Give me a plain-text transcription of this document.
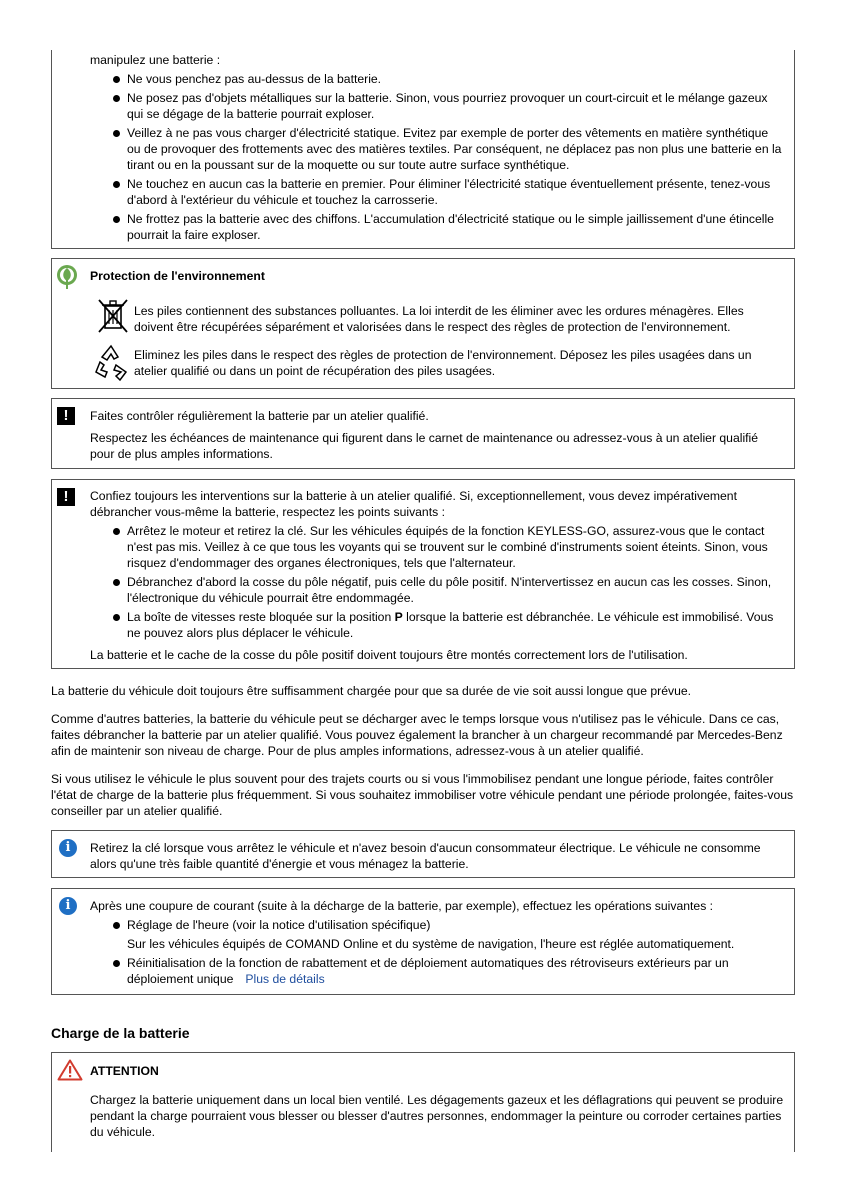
manipulez une batterie :

Ne vous penchez pas au-dessus de la batterie.

Ne posez pas d'objets métalliques sur la batterie. Sinon, vous pourriez provoquer un court-circuit et le mélange gazeux qui se dégage de la batterie pourrait exploser.

Veillez à ne pas vous charger d'électricité statique. Evitez par exemple de porter des vêtements en matière synthétique ou de provoquer des frottements avec des matières textiles. Par conséquent, ne déplacez pas non plus une batterie en la tirant ou en la poussant sur de la moquette ou sur toute autre surface synthétique.

Ne touchez en aucun cas la batterie en premier. Pour éliminer l'électricité statique éventuellement présente, tenez-vous d'abord à l'extérieur du véhicule et touchez la carrosserie.

Ne frottez pas la batterie avec des chiffons. L'accumulation d'électricité statique ou le simple jaillissement d'une étincelle pourrait la faire exploser.

Protection de l'environnement

Les piles contiennent des substances polluantes. La loi interdit de les éliminer avec les ordures ménagères. Elles doivent être récupérées séparément et valorisées dans le respect des règles de protection de l'environnement.

Eliminez les piles dans le respect des règles de protection de l'environnement. Déposez les piles usagées dans un atelier qualifié ou dans un point de récupération des piles usagées.

!	Faites contrôler régulièrement la batterie par un atelier qualifié.

Respectez les échéances de maintenance qui figurent dans le carnet de maintenance ou adressez-vous à un atelier qualifié pour de plus amples informations.

!	Confiez toujours les interventions sur la batterie à un atelier qualifié. Si, exceptionnellement, vous devez impérativement débrancher vous-même la batterie, respectez les points suivants :

Arrêtez le moteur et retirez la clé. Sur les véhicules équipés de la fonction KEYLESS-GO, assurez-vous que le contact n'est pas mis. Veillez à ce que tous les voyants qui se trouvent sur le combiné d'instruments soient éteints. Sinon, vous risquez d'endommager des organes électroniques, tels que l'alternateur.

Débranchez d'abord la cosse du pôle négatif, puis celle du pôle positif. N'intervertissez en aucun cas les cosses. Sinon, l'électronique du véhicule pourrait être endommagée.

La boîte de vitesses reste bloquée sur la position P lorsque la batterie est débranchée. Le véhicule est immobilisé. Vous ne pouvez alors plus déplacer le véhicule.

La batterie et le cache de la cosse du pôle positif doivent toujours être montés correctement lors de l'utilisation.

La batterie du véhicule doit toujours être suffisamment chargée pour que sa durée de vie soit aussi longue que prévue.

Comme d'autres batteries, la batterie du véhicule peut se décharger avec le temps lorsque vous n'utilisez pas le véhicule. Dans ce cas, faites débrancher la batterie par un atelier qualifié. Vous pouvez également la brancher à un chargeur recommandé par Mercedes-Benz afin de maintenir son niveau de charge. Pour de plus amples informations, adressez-vous à un atelier qualifié.

Si vous utilisez le véhicule le plus souvent pour des trajets courts ou si vous l'immobilisez pendant une longue période, faites contrôler l'état de charge de la batterie plus fréquemment. Si vous souhaitez immobiliser votre véhicule pendant une période prolongée, faites-vous conseiller par un atelier qualifié.

i	Retirez la clé lorsque vous arrêtez le véhicule et n'avez besoin d'aucun consommateur électrique. Le véhicule ne consomme alors qu'une très faible quantité d'énergie et vous ménagez la batterie.

i	Après une coupure de courant (suite à la décharge de la batterie, par exemple), effectuez les opérations suivantes :

Réglage de l'heure (voir la notice d'utilisation spécifique)

Sur les véhicules équipés de COMAND Online et du système de navigation, l'heure est réglée automatiquement.

Réinitialisation de la fonction de rabattement et de déploiement automatiques des rétroviseurs extérieurs par un déploiement unique Plus de détails

Charge de la batterie

ATTENTION

Chargez la batterie uniquement dans un local bien ventilé. Les dégagements gazeux et les déflagrations qui peuvent se produire pendant la charge pourraient vous blesser ou blesser d'autres personnes, endommager la peinture ou corroder certaines parties du véhicule.
